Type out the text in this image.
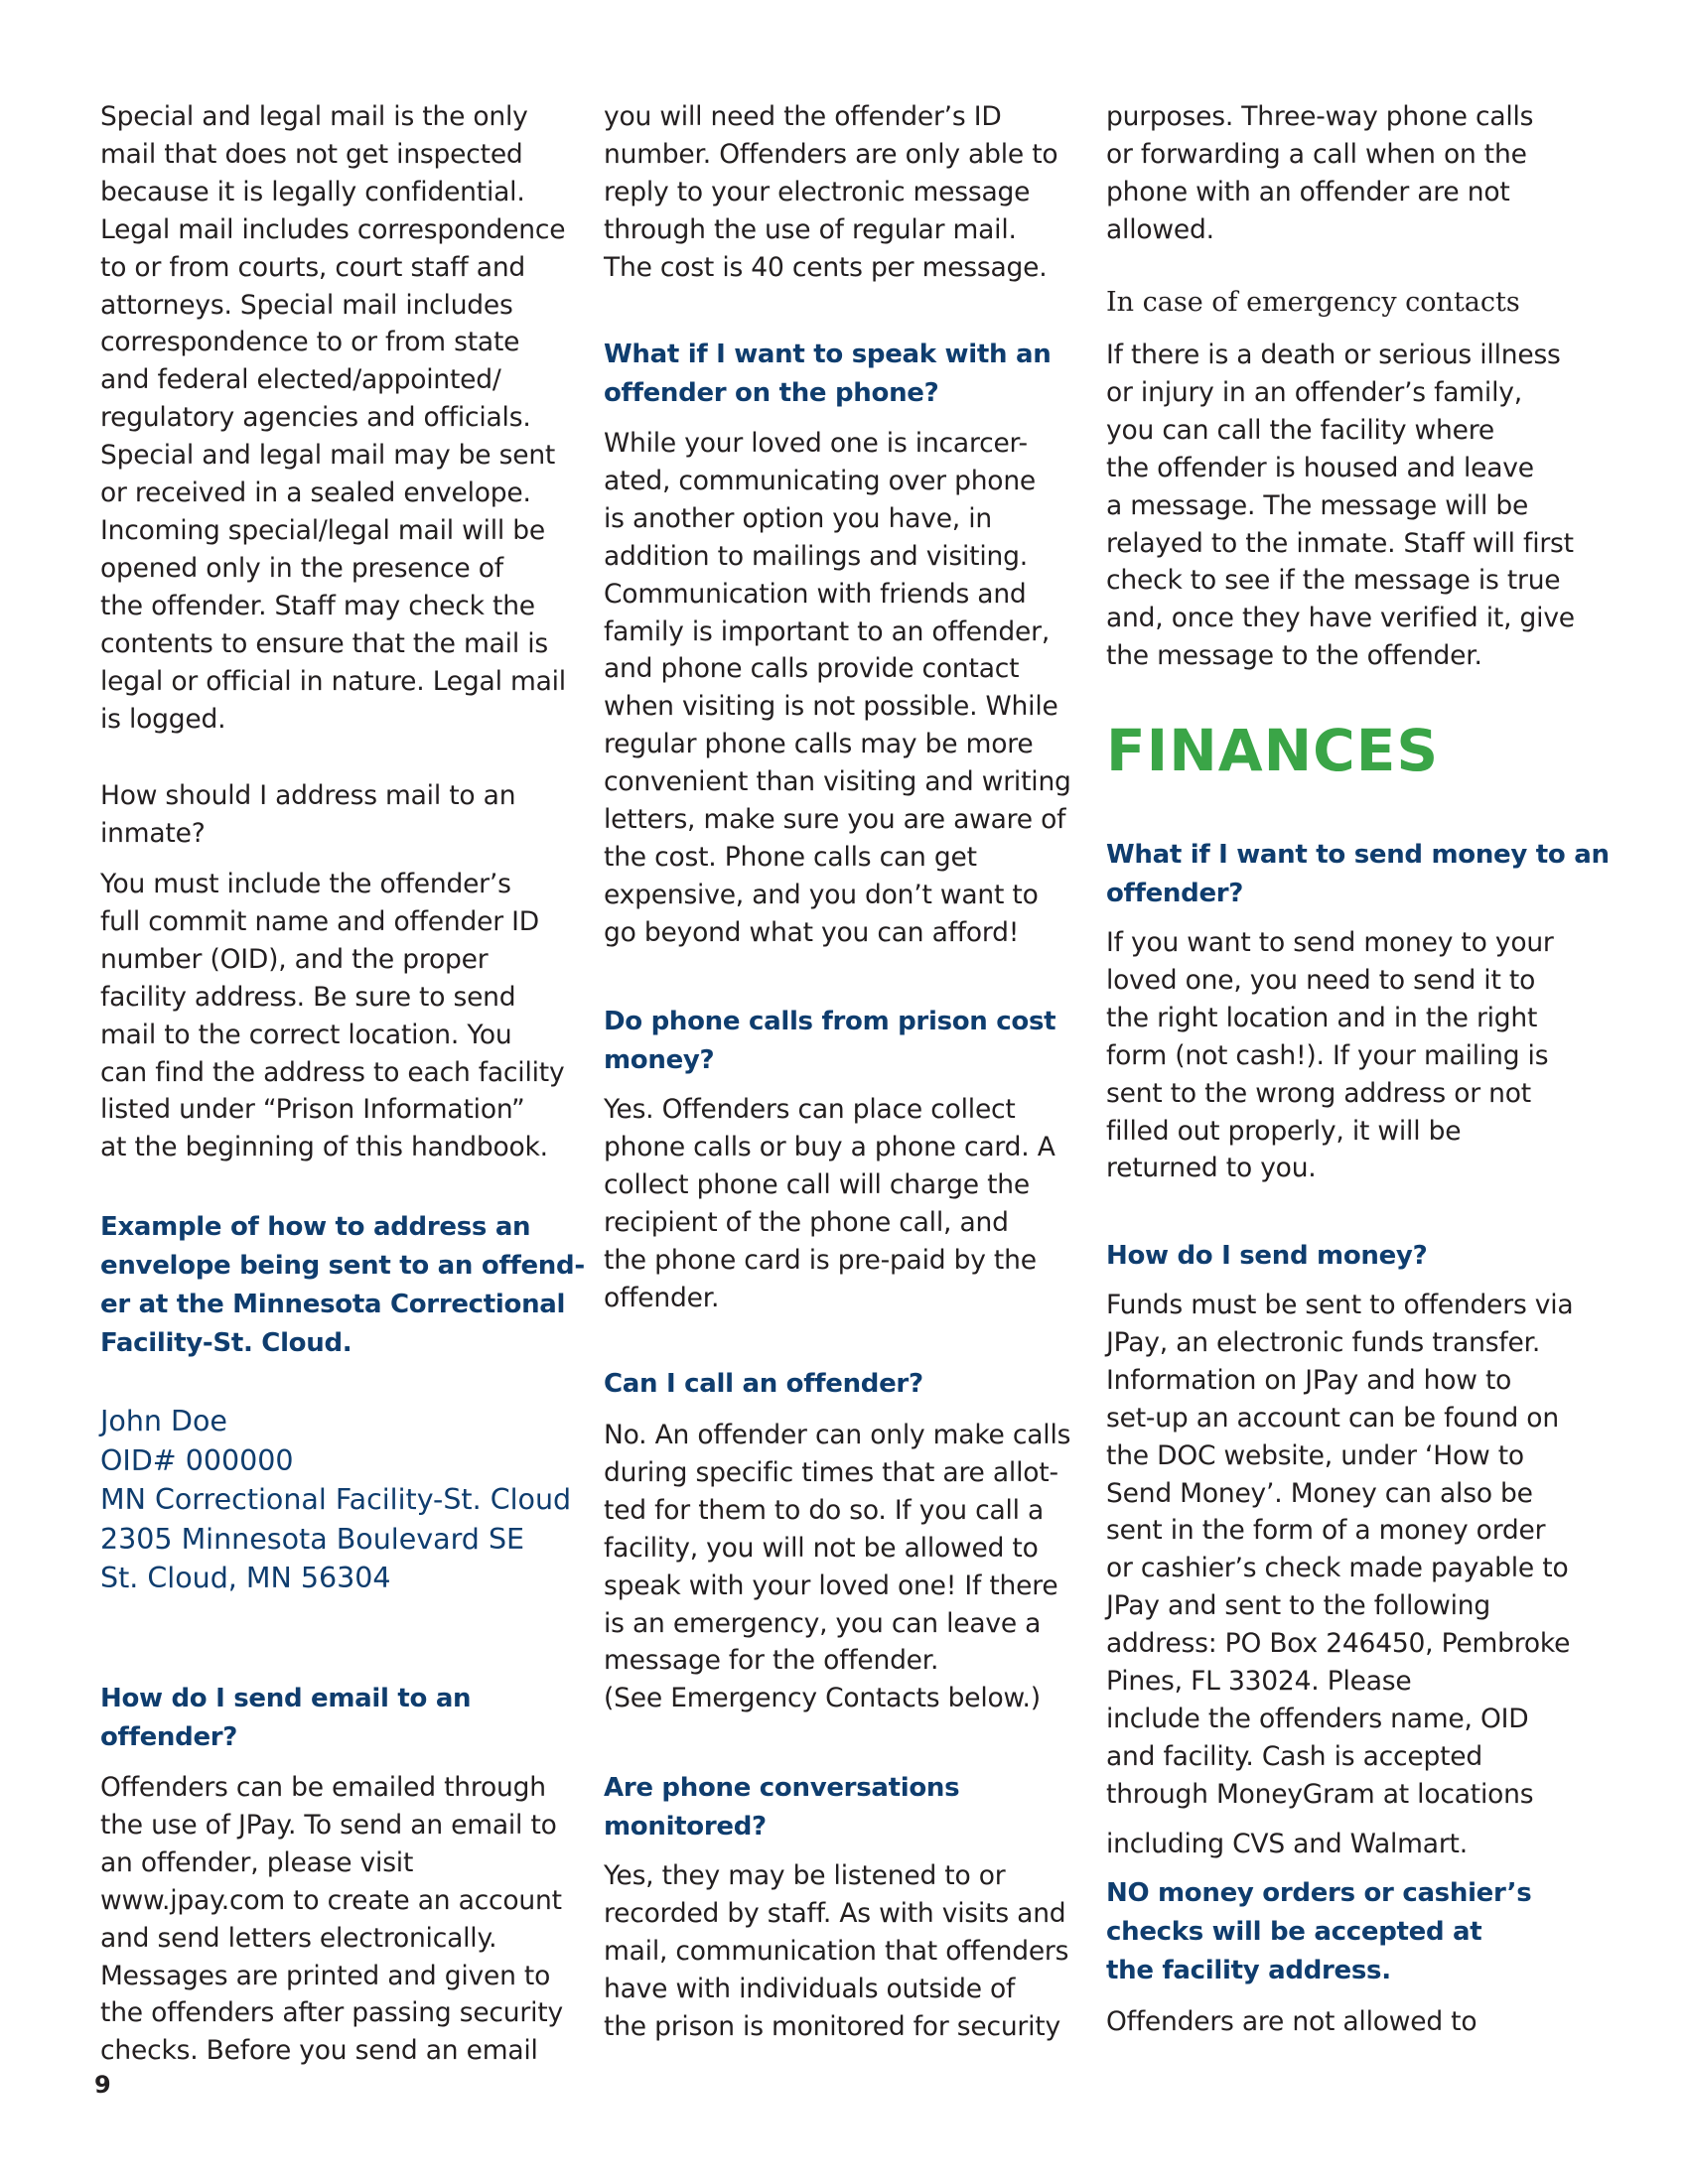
Special and legal mail is the only
mail that does not get inspected
because it is legally confidential.
Legal mail includes correspondence
to or from courts, court staff and
attorneys. Special mail includes
correspondence to or from state
and federal elected/appointed/
regulatory agencies and officials.
Special and legal mail may be sent
or received in a sealed envelope.
Incoming special/legal mail will be
opened only in the presence of
the offender. Staff may check the
contents to ensure that the mail is
legal or official in nature. Legal mail
is logged.

How should I address mail to an
inmate?

You must include the offender’s
full commit name and offender ID
number (OID), and the proper
facility address. Be sure to send
mail to the correct location. You
can find the address to each facility
listed under “Prison Information”
at the beginning of this handbook.

Example of how to address an
envelope being sent to an offend-
er at the Minnesota Correctional
Facility-St. Cloud.

John Doe
OID# 000000
MN Correctional Facility-St. Cloud
2305 Minnesota Boulevard SE
St. Cloud, MN 56304

How do I send email to an
offender?

Offenders can be emailed through
the use of JPay. To send an email to
an offender, please visit
www.jpay.com to create an account
and send letters electronically.
Messages are printed and given to
the offenders after passing security
checks. Before you send an email

9

you will need the offender’s ID
number. Offenders are only able to
reply to your electronic message
through the use of regular mail.
The cost is 40 cents per message.

What if I want to speak with an
offender on the phone?

While your loved one is incarcer-
ated, communicating over phone
is another option you have, in
addition to mailings and visiting.
Communication with friends and
family is important to an offender,
and phone calls provide contact
when visiting is not possible. While
regular phone calls may be more
convenient than visiting and writing
letters, make sure you are aware of
the cost. Phone calls can get
expensive, and you don’t want to
go beyond what you can afford!

Do phone calls from prison cost
money?

Yes. Offenders can place collect
phone calls or buy a phone card. A
collect phone call will charge the
recipient of the phone call, and
the phone card is pre-paid by the
offender.

Can I call an offender?

No. An offender can only make calls
during specific times that are allot-
ted for them to do so. If you call a
facility, you will not be allowed to
speak with your loved one! If there
is an emergency, you can leave a
message for the offender.
(See Emergency Contacts below.)

Are phone conversations
monitored?

Yes, they may be listened to or
recorded by staff. As with visits and
mail, communication that offenders
have with individuals outside of
the prison is monitored for security

purposes. Three-way phone calls
or forwarding a call when on the
phone with an offender are not
allowed.

In case of emergency contacts

If there is a death or serious illness
or injury in an offender’s family,
you can call the facility where
the offender is housed and leave
a message. The message will be
relayed to the inmate. Staff will first
check to see if the message is true
and, once they have verified it, give
the message to the offender.

FINANCES

What if I want to send money to an
offender?

If you want to send money to your
loved one, you need to send it to
the right location and in the right
form (not cash!). If your mailing is
sent to the wrong address or not
filled out properly, it will be
returned to you.

How do I send money?

Funds must be sent to offenders via
JPay, an electronic funds transfer.
Information on JPay and how to
set-up an account can be found on
the DOC website, under ‘How to
Send Money’. Money can also be
sent in the form of a money order
or cashier’s check made payable to
JPay and sent to the following
address: PO Box 246450, Pembroke
Pines, FL 33024. Please
include the offenders name, OID
and facility. Cash is accepted
through MoneyGram at locations

including CVS and Walmart.

NO money orders or cashier’s
checks will be accepted at
the facility address.

Offenders are not allowed to
